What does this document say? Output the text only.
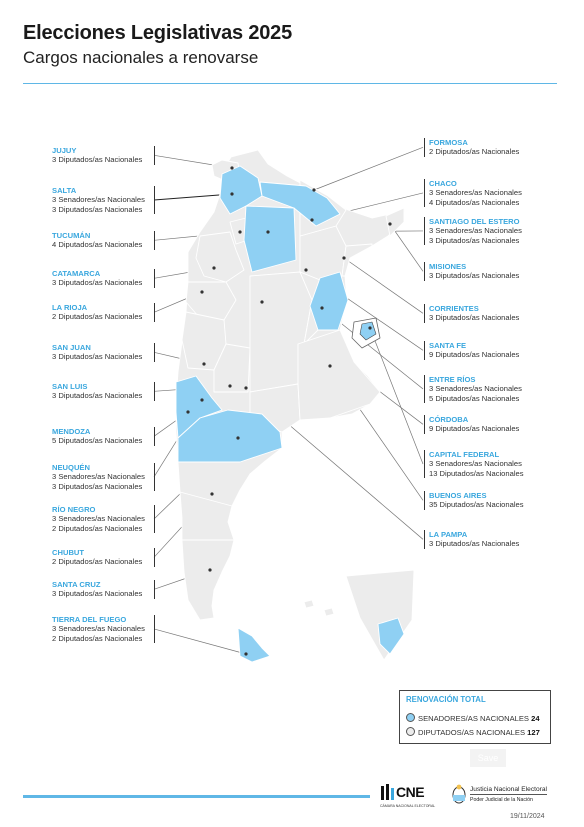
Elecciones Legislativas 2025
Cargos nacionales a renovarse
JUJUY
3 Diputados/as Nacionales
SALTA
3 Senadores/as Nacionales
3 Diputados/as Nacionales
TUCUMÁN
4 Diputados/as Nacionales
CATAMARCA
3 Diputados/as Nacionales
LA RIOJA
2 Diputados/as Nacionales
SAN JUAN
3 Diputados/as Nacionales
SAN LUIS
3 Diputados/as Nacionales
MENDOZA
5 Diputados/as Nacionales
NEUQUÉN
3 Senadores/as Nacionales
3 Diputados/as Nacionales
RÍO NEGRO
3 Senadores/as Nacionales
2 Diputados/as Nacionales
CHUBUT
2 Diputados/as Nacionales
SANTA CRUZ
3 Diputados/as Nacionales
TIERRA DEL FUEGO
3 Senadores/as Nacionales
2 Diputados/as Nacionales
FORMOSA
2 Diputados/as Nacionales
CHACO
3 Senadores/as Nacionales
4 Diputados/as Nacionales
SANTIAGO DEL ESTERO
3 Senadores/as Nacionales
3 Diputados/as Nacionales
MISIONES
3 Diputados/as Nacionales
CORRIENTES
3 Diputados/as Nacionales
SANTA FE
9 Diputados/as Nacionales
ENTRE RÍOS
3 Senadores/as Nacionales
5 Diputados/as Nacionales
CÓRDOBA
9 Diputados/as Nacionales
CAPITAL FEDERAL
3 Senadores/as Nacionales
13 Diputados/as Nacionales
BUENOS AIRES
35 Diputados/as Nacionales
LA PAMPA
3 Diputados/as Nacionales
RENOVACIÓN TOTAL
SENADORES/AS NACIONALES 24
DIPUTADOS/AS NACIONALES 127
Save
CNE
CÁMARA NACIONAL ELECTORAL
Justicia Nacional Electoral
Poder Judicial de la Nación
19/11/2024
